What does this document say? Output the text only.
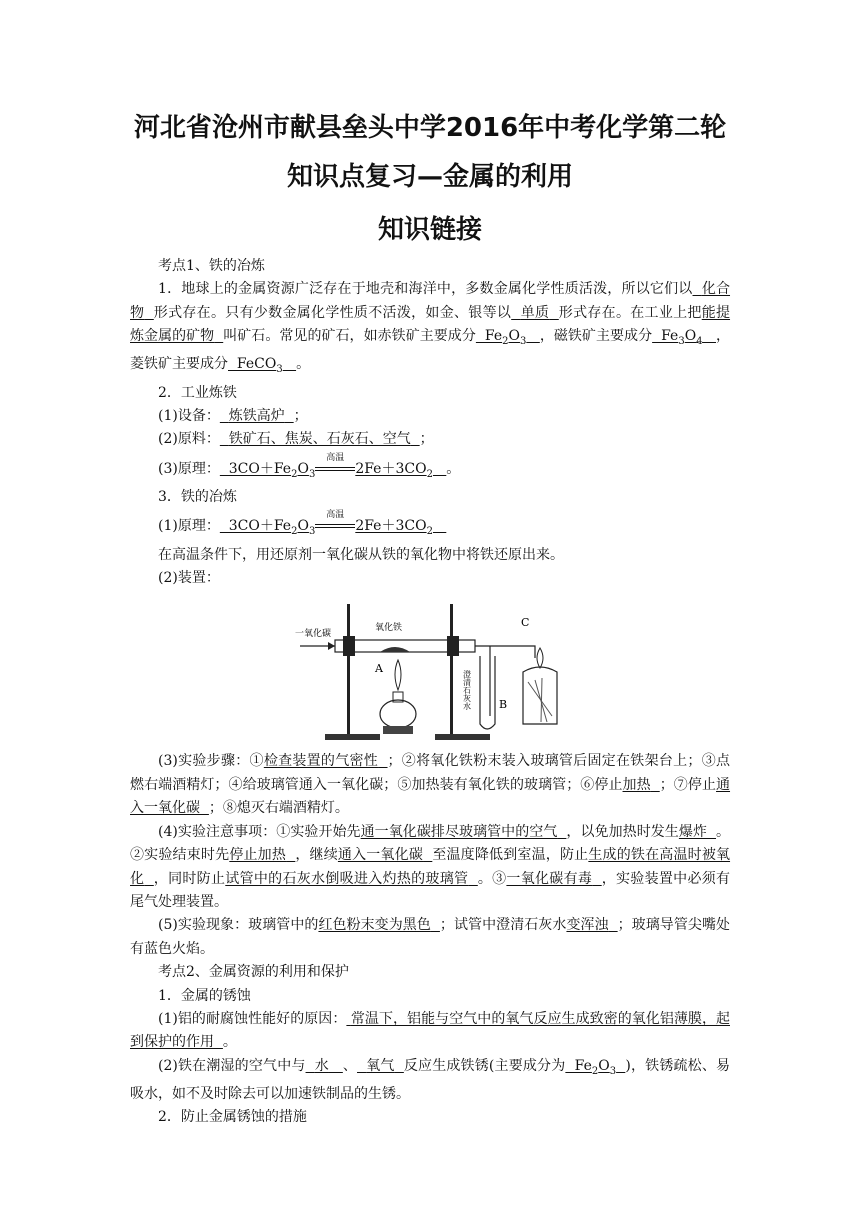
河北省沧州市献县垒头中学2016年中考化学第二轮
知识点复习—金属的利用
知识链接

考点1、铁的冶炼

1．地球上的金属资源广泛存在于地壳和海洋中，多数金属化学性质活泼，所以它们以 化合物 形式存在。只有少数金属化学性质不活泼，如金、银等以 单质 形式存在。在工业上把能提炼金属的矿物 叫矿石。常见的矿石，如赤铁矿主要成分  $Fe_2O_3$ ，磁铁矿主要成分  $Fe_3O_4$ ，菱铁矿主要成分  FeCO$_3$ 。

2．工业炼铁

(1)设备： 炼铁高炉 ；

(2)原料： 铁矿石、焦炭、石灰石、空气 ；

(3)原理：  $3CO+Fe_2O_3$
高温
$2Fe+3CO_2$ 。

3．铁的冶炼

(1)原理：  $3CO+Fe_2O_3$
高温
$2Fe+3CO_2$

在高温条件下，用还原剂一氧化碳从铁的氧化物中将铁还原出来。

(2)装置：

一氧化碳
氧化铁
A
B
C
澄清石灰水

(3)实验步骤：①检查装置的气密性 ；②将氧化铁粉末装入玻璃管后固定在铁架台上；③点燃右端酒精灯；④给玻璃管通入一氧化碳；⑤加热装有氧化铁的玻璃管；⑥停止加热 ；⑦停止通入一氧化碳 ；⑧熄灭右端酒精灯。

(4)实验注意事项：①实验开始先通一氧化碳排尽玻璃管中的空气 ，以免加热时发生爆炸 。②实验结束时先停止加热 ，继续通入一氧化碳 至温度降低到室温，防止生成的铁在高温时被氧化 ，同时防止试管中的石灰水倒吸进入灼热的玻璃管 。③一氧化碳有毒 ，实验装置中必须有尾气处理装置。

(5)实验现象：玻璃管中的红色粉末变为黑色 ；试管中澄清石灰水变浑浊 ；玻璃导管尖嘴处有蓝色火焰。

考点2、金属资源的利用和保护

1．金属的锈蚀

(1)铝的耐腐蚀性能好的原因： 常温下，铝能与空气中的氧气反应生成致密的氧化铝薄膜，起到保护的作用 。

(2)铁在潮湿的空气中与 水 、 氧气 反应生成铁锈(主要成分为  $Fe_2O_3$ )，铁锈疏松、易吸水，如不及时除去可以加速铁制品的生锈。

2．防止金属锈蚀的措施
